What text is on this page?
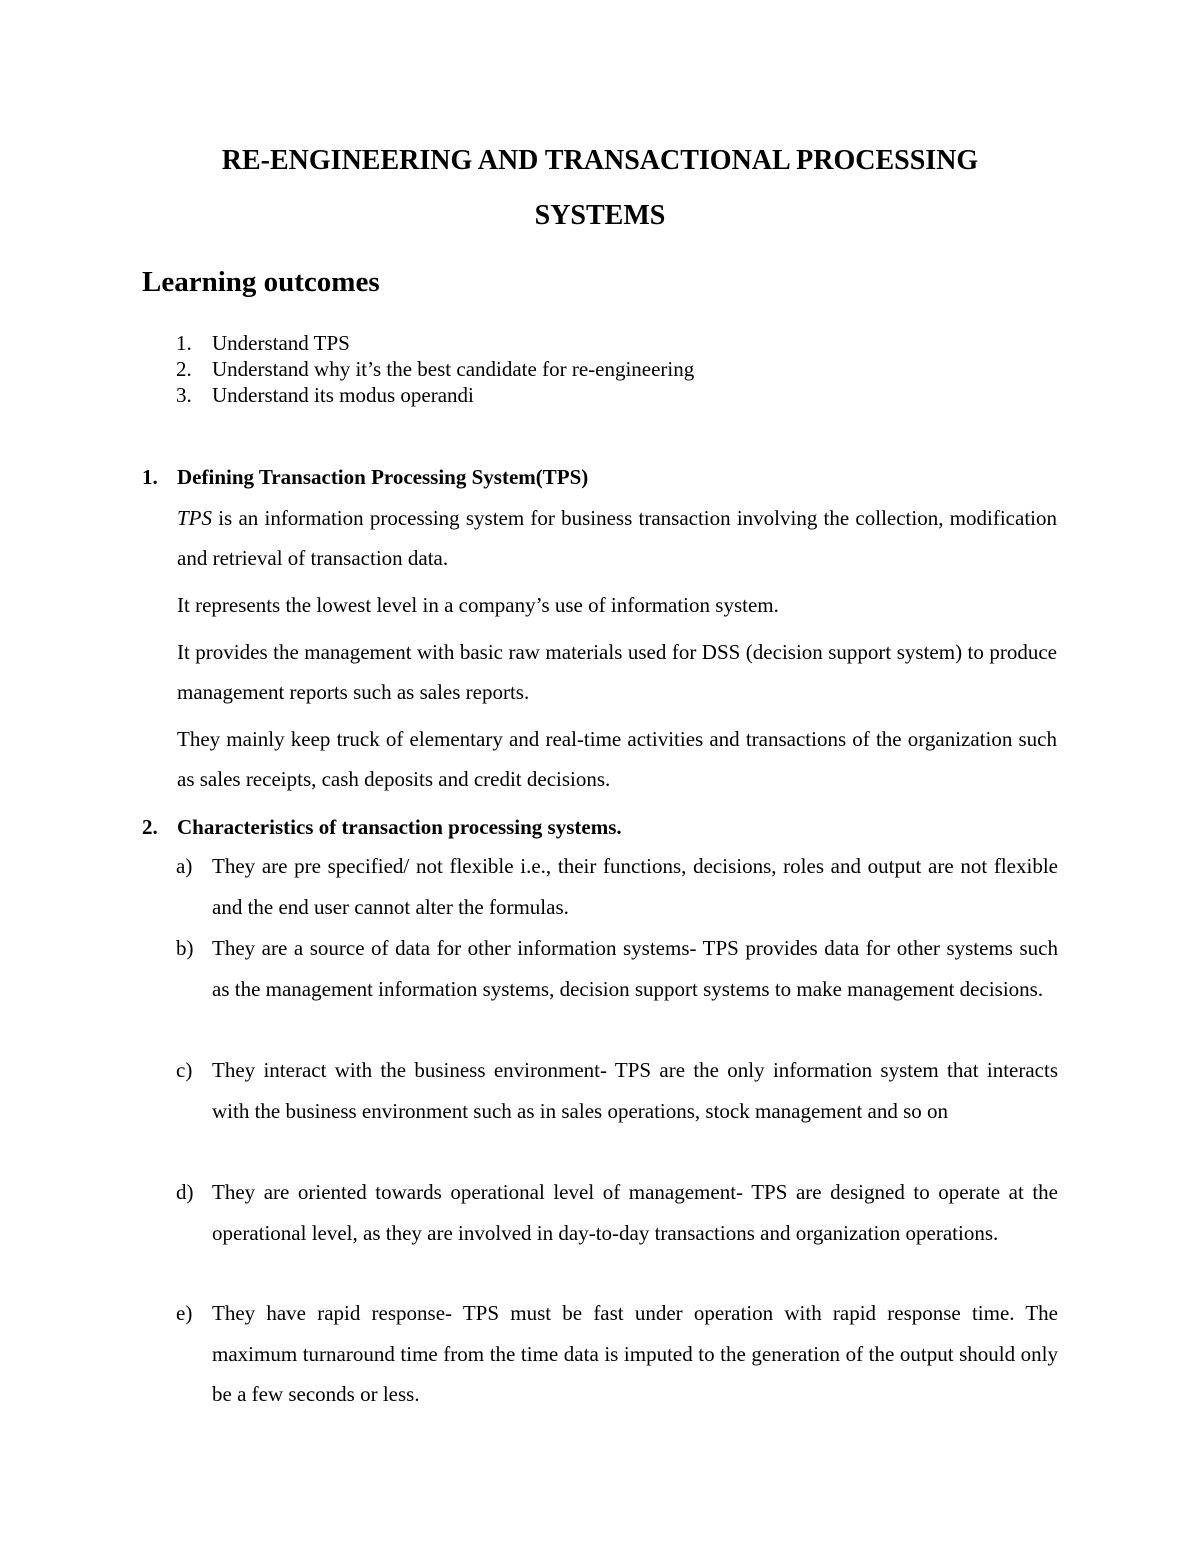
RE-ENGINEERING AND TRANSACTIONAL PROCESSING
SYSTEMS
Learning outcomes
1. Understand TPS
2. Understand why it’s the best candidate for re-engineering
3. Understand its modus operandi
1. Defining Transaction Processing System(TPS)
TPS is an information processing system for business transaction involving the collection, modification and retrieval of transaction data.
It represents the lowest level in a company’s use of information system.
It provides the management with basic raw materials used for DSS (decision support system) to produce management reports such as sales reports.
They mainly keep truck of elementary and real-time activities and transactions of the organization such as sales receipts, cash deposits and credit decisions.
2. Characteristics of transaction processing systems.
a) They are pre specified/ not flexible i.e., their functions, decisions, roles and output are not flexible and the end user cannot alter the formulas.
b) They are a source of data for other information systems- TPS provides data for other systems such as the management information systems, decision support systems to make management decisions.
c) They interact with the business environment- TPS are the only information system that interacts with the business environment such as in sales operations, stock management and so on
d) They are oriented towards operational level of management- TPS are designed to operate at the operational level, as they are involved in day-to-day transactions and organization operations.
e) They have rapid response- TPS must be fast under operation with rapid response time. The maximum turnaround time from the time data is imputed to the generation of the output should only be a few seconds or less.
